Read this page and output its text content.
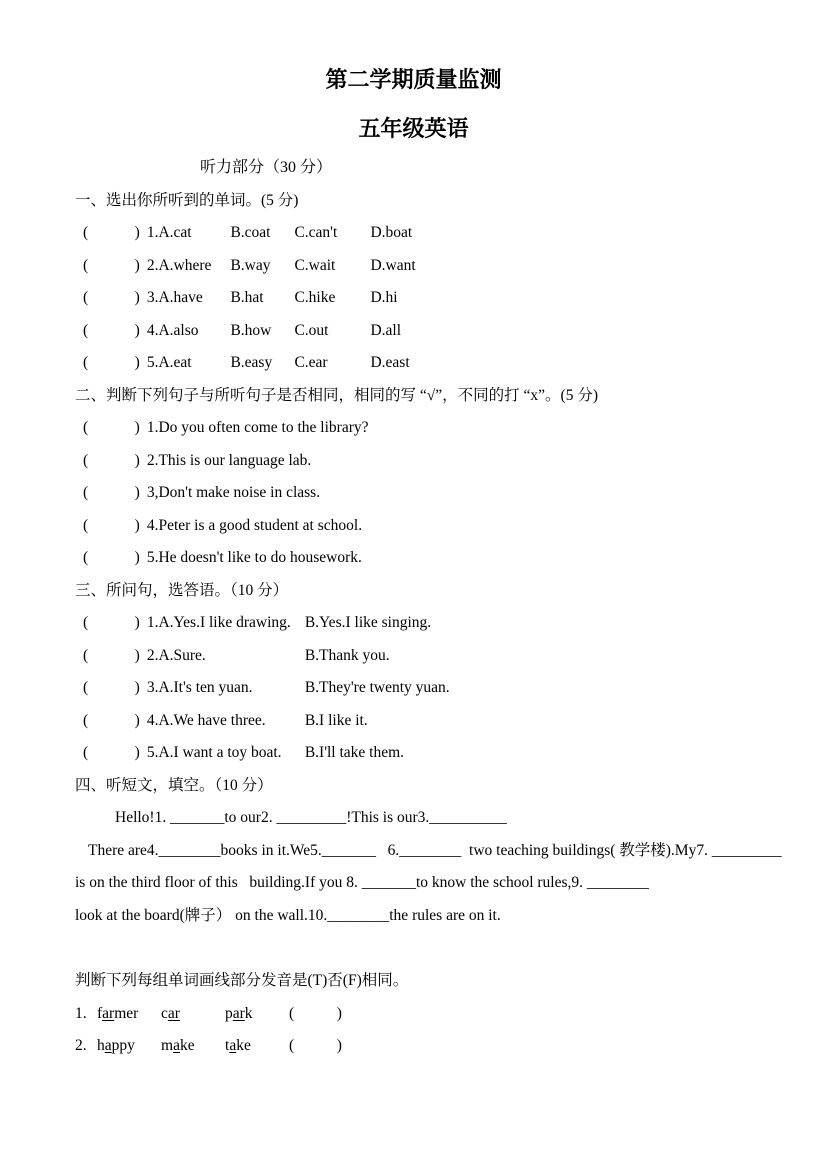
第二学期质量监测
五年级英语
听力部分（30 分）
一、选出你所听到的单词。(5 分)
(            ) 1.A.cat	B.coat C.can't D.boat
(            ) 2.A.where B.way C.wait D.want
(            ) 3.A.have B.hat C.hike D.hi
(            ) 4.A.also B.how C.out	D.all
(            ) 5.A.eat	B.easy C.ear	D.east
二、判断下列句子与所听句子是否相同，相同的写 “√”，不同的打 “x”。(5 分)
(            ) 1.Do you often come to the library?
(            ) 2.This is our language lab.
(            ) 3,Don't make noise in class.
(            ) 4.Peter is a good student at school.
(            ) 5.He doesn't like to do housework.
三、所问句，选答语。（10 分）
(            ) 1.A.Yes.I like drawing. B.Yes.I like singing.
(            ) 2.A.Sure.	B.Thank you.
(            ) 3.A.It's ten yuan.	B.They're twenty yuan.
(            ) 4.A.We have three.	B.I like it.
(            ) 5.A.I want a toy boat. B.I'll take them.
四、听短文，填空。（10 分）
Hello!1. _______to our2. _________!This is our3.__________
There are4.________books in it.We5._______   6.________  two teaching buildings( 教学楼).My7. _________
is on the third floor of this   building.If you 8. _______to know the school rules,9. ________
look at the board(牌子） on the wall.10.________the rules are on it.
判断下列每组单词画线部分发音是(T)否(F)相同。
1. farmer car	park (           )
2. happy make take (           )
